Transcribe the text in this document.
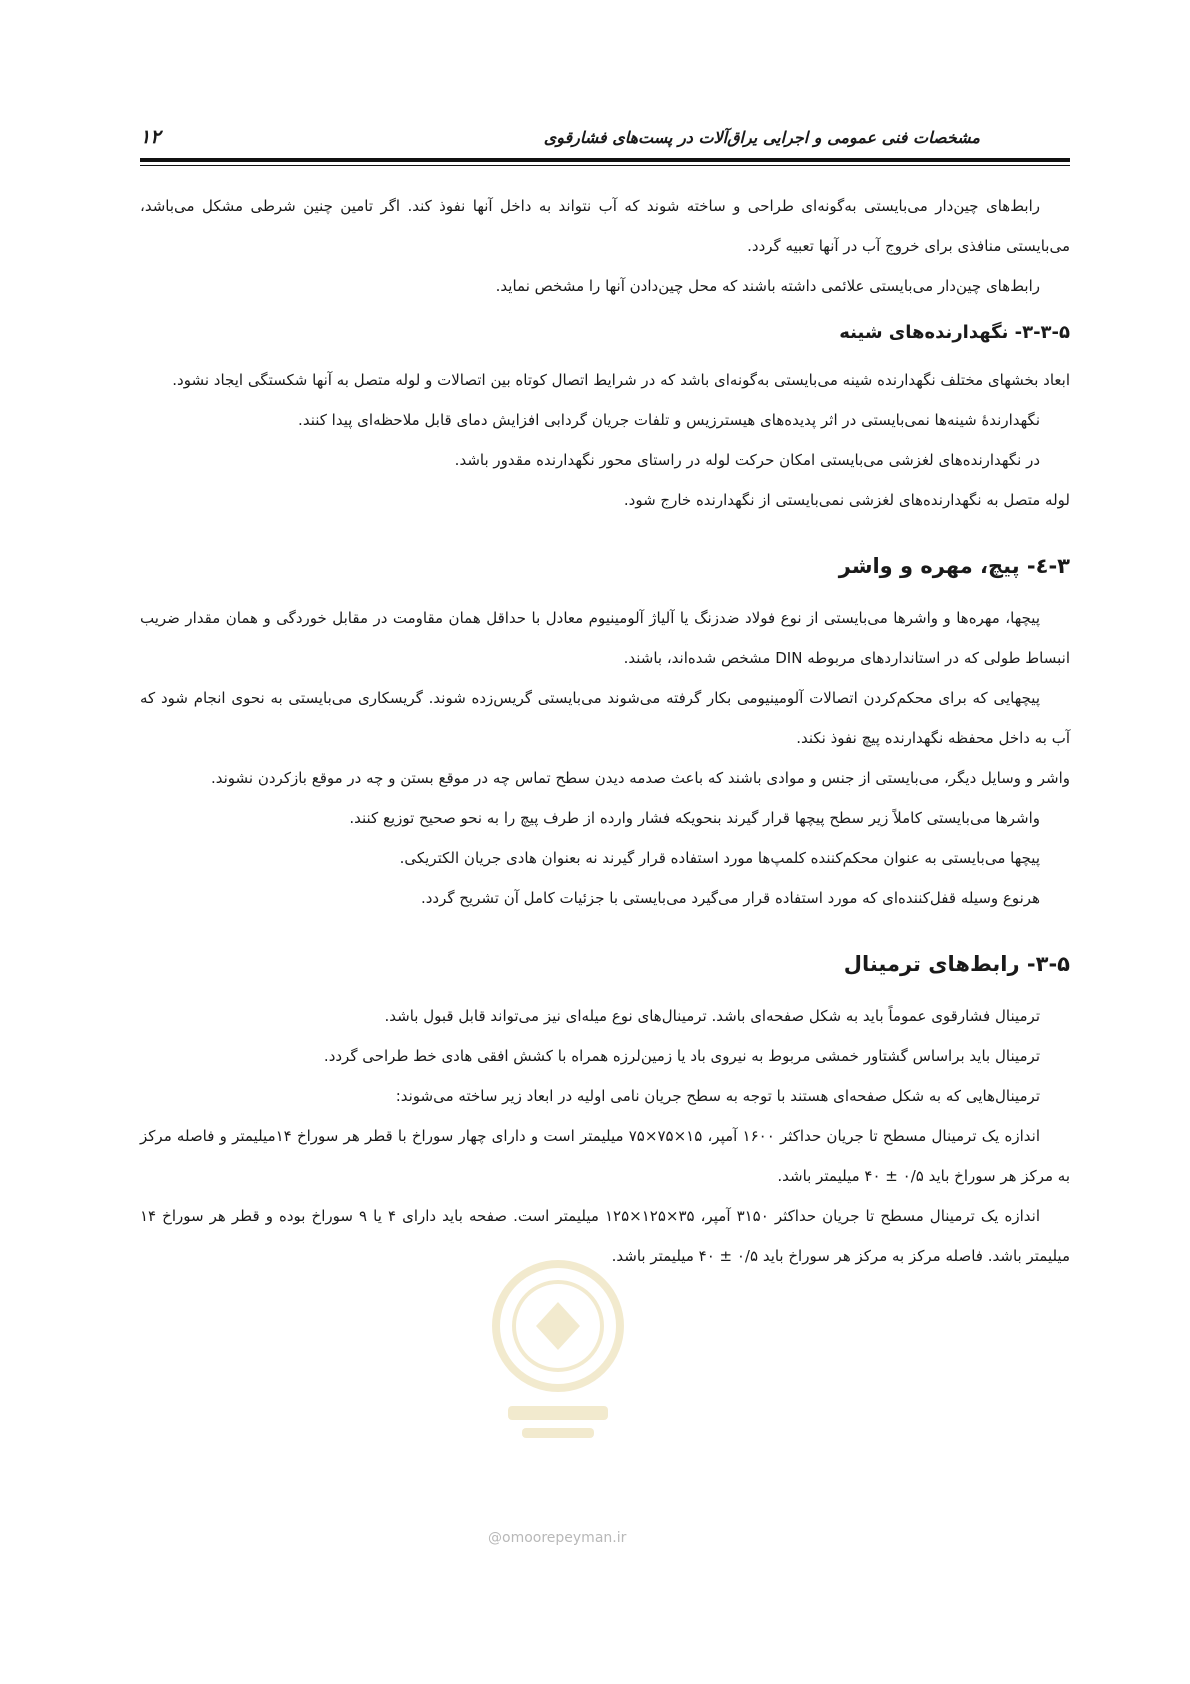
مشخصات فنی عمومی و اجرایی یراق‌آلات در پست‌های فشارقوی
۱۲

رابط‌های چین‌دار می‌بایستی به‌گونه‌ای طراحی و ساخته شوند که آب نتواند به داخل آنها نفوذ کند. اگر تامین چنین شرطی مشکل می‌باشد، می‌بایستی منافذی برای خروج آب در آنها تعبیه گردد.

رابط‌های چین‌دار می‌بایستی علائمی داشته باشند که محل چین‌دادن آنها را مشخص نماید.

۳-۳-۵- نگهدارنده‌های شینه

ابعاد بخشهای مختلف نگهدارنده شینه می‌بایستی به‌گونه‌ای باشد که در شرایط اتصال کوتاه بین اتصالات و لوله متصل به آنها شکستگی ایجاد نشود.

نگهدارندهٔ شینه‌ها نمی‌بایستی در اثر پدیده‌های هیسترزیس و تلفات جریان گردابی افزایش دمای قابل ملاحظه‌ای پیدا کنند.

در نگهدارنده‌های لغزشی می‌بایستی امکان حرکت لوله در راستای محور نگهدارنده مقدور باشد.

لوله متصل به نگهدارنده‌های لغزشی نمی‌بایستی از نگهدارنده خارج شود.

۳-٤- پیچ، مهره و واشر

پیچها، مهره‌ها و واشرها می‌بایستی از نوع فولاد ضدزنگ یا آلیاژ آلومینیوم معادل با حداقل همان مقاومت در مقابل خوردگی و همان مقدار ضریب انبساط طولی که در استانداردهای مربوطه DIN مشخص شده‌اند، باشند.

پیچهایی که برای محکم‌کردن اتصالات آلومینیومی بکار گرفته می‌شوند می‌بایستی گریس‌زده شوند. گریسکاری می‌بایستی به نحوی انجام شود که آب به داخل محفظه نگهدارنده پیچ نفوذ نکند.

واشر و وسایل دیگر، می‌بایستی از جنس و موادی باشند که باعث صدمه دیدن سطح تماس چه در موقع بستن و چه در موقع بازکردن نشوند.

واشرها می‌بایستی کاملاً زیر سطح پیچها قرار گیرند بنحویکه فشار وارده از طرف پیچ را به نحو صحیح توزیع کنند.

پیچها می‌بایستی به عنوان محکم‌کننده کلمپ‌ها مورد استفاده قرار گیرند نه بعنوان هادی جریان الکتریکی.

هرنوع وسیله قفل‌کننده‌ای که مورد استفاده قرار می‌گیرد می‌بایستی با جزئیات کامل آن تشریح گردد.

۳-۵- رابط‌های ترمینال

ترمینال فشارقوی عموماً باید به شکل صفحه‌ای باشد. ترمینال‌های نوع میله‌ای نیز می‌تواند قابل قبول باشد.

ترمینال باید براساس گشتاور خمشی مربوط به نیروی باد یا زمین‌لرزه همراه با کشش افقی هادی خط طراحی گردد.

ترمینال‌هایی که به شکل صفحه‌ای هستند با توجه به سطح جریان نامی اولیه در ابعاد زیر ساخته می‌شوند:

اندازه یک ترمینال مسطح تا جریان حداکثر ۱۶۰۰ آمپر، ۱۵×۷۵×۷۵ میلیمتر است و دارای چهار سوراخ با قطر هر سوراخ ۱۴میلیمتر و فاصله مرکز به مرکز هر سوراخ باید ۰/۵ ± ۴۰ میلیمتر باشد.

اندازه یک ترمینال مسطح تا جریان حداکثر ۳۱۵۰ آمپر، ۳۵×۱۲۵×۱۲۵ میلیمتر است. صفحه باید دارای ۴ یا ۹ سوراخ بوده و قطر هر سوراخ ۱۴ میلیمتر باشد. فاصله مرکز به مرکز هر سوراخ باید ۰/۵ ± ۴۰ میلیمتر باشد.

@omoorepeyman.ir
